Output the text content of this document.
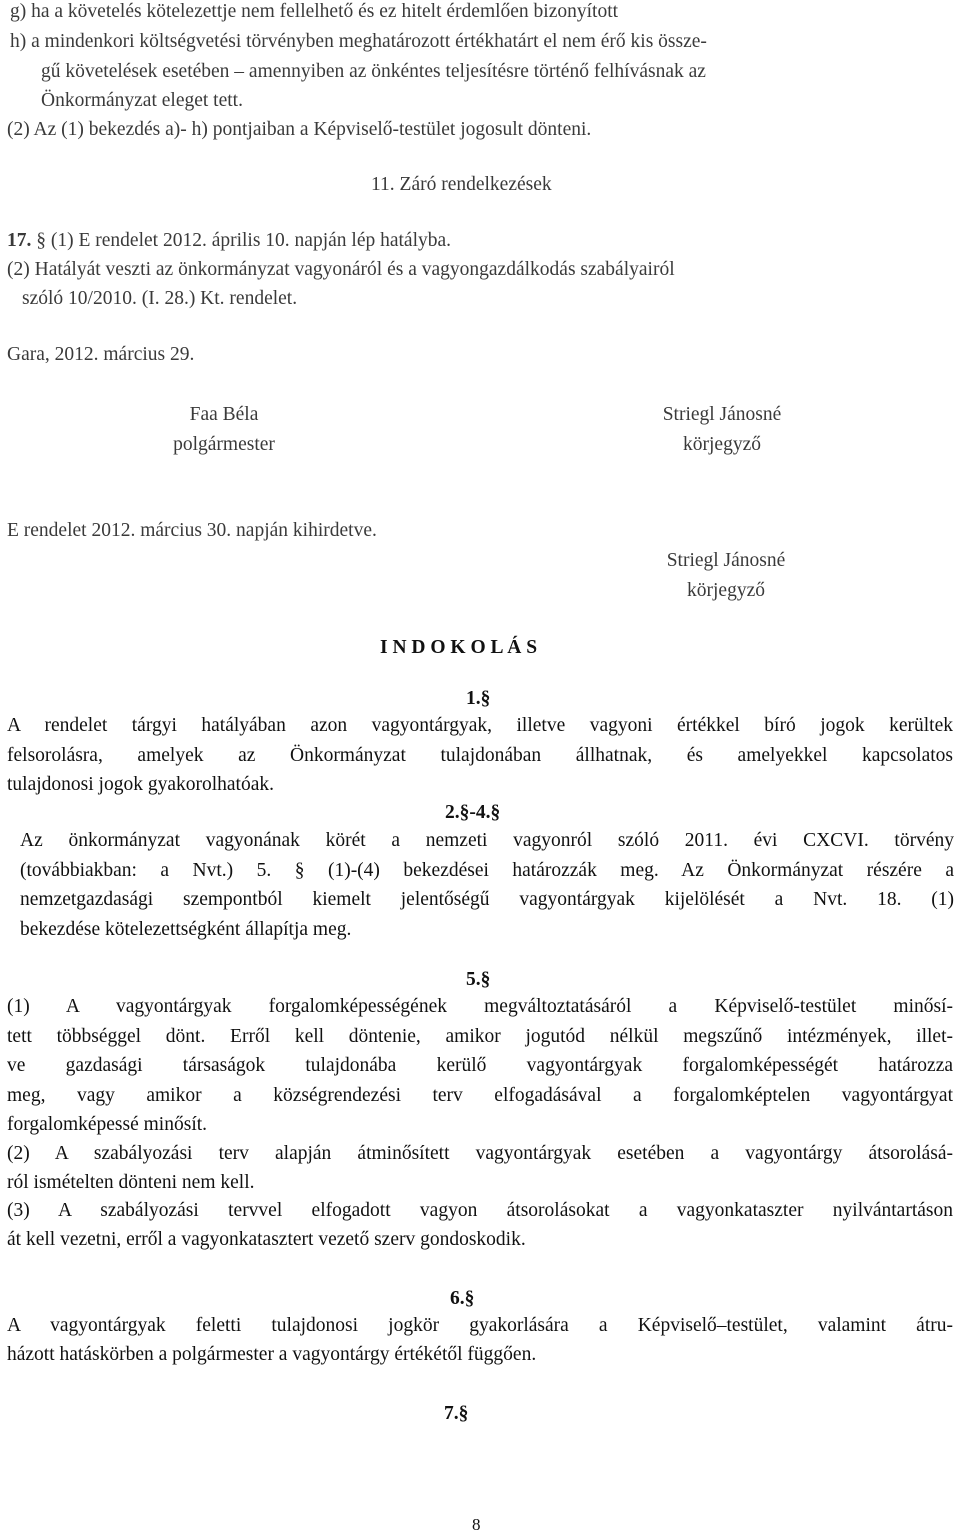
g) ha a követelés kötelezettje nem fellelhető és ez hitelt érdemlően bizonyított
h) a mindenkori költségvetési törvényben meghatározott értékhatárt el nem érő kis össze-
gű követelések esetében – amennyiben az önkéntes teljesítésre történő felhívásnak az
Önkormányzat eleget tett.
(2) Az (1) bekezdés a)- h) pontjaiban a Képviselő-testület jogosult dönteni.
11. Záró rendelkezések
17. § (1) E rendelet 2012. április 10. napján lép hatályba.
(2) Hatályát veszti az önkormányzat vagyonáról és a vagyongazdálkodás szabályairól
szóló 10/2010. (I. 28.) Kt. rendelet.
Gara, 2012. március 29.
Faa Béla
polgármester
Striegl Jánosné
körjegyző
E rendelet 2012. március 30. napján kihirdetve.
Striegl Jánosné
körjegyző
I N D O K O L Á S
1.§
A rendelet tárgyi hatályában azon vagyontárgyak, illetve vagyoni értékkel bíró jogok kerültek
felsorolásra, amelyek az Önkormányzat tulajdonában állhatnak, és amelyekkel kapcsolatos
tulajdonosi jogok gyakorolhatóak.
2.§-4.§
Az önkormányzat vagyonának körét a nemzeti vagyonról szóló 2011. évi CXCVI. törvény
(továbbiakban: a Nvt.) 5. § (1)-(4) bekezdései határozzák meg. Az Önkormányzat részére a
nemzetgazdasági szempontból kiemelt jelentőségű vagyontárgyak kijelölését a Nvt. 18. (1)
bekezdése kötelezettségként állapítja meg.
5.§
(1) A vagyontárgyak forgalomképességének megváltoztatásáról a Képviselő-testület minősí-
tett többséggel dönt. Erről kell döntenie, amikor jogutód nélkül megszűnő intézmények, illet-
ve gazdasági társaságok tulajdonába kerülő vagyontárgyak forgalomképességét határozza
meg, vagy amikor a községrendezési terv elfogadásával a forgalomképtelen vagyontárgyat
forgalomképessé minősít.
(2) A szabályozási terv alapján átminősített vagyontárgyak esetében a vagyontárgy átsorolásá-
ról ismételten dönteni nem kell.
(3) A szabályozási tervvel elfogadott vagyon átsorolásokat a vagyonkataszter nyilvántartáson
át kell vezetni, erről a vagyonkatasztert vezető szerv gondoskodik.
6.§
A vagyontárgyak feletti tulajdonosi jogkör gyakorlására a Képviselő–testület, valamint átru-
házott hatáskörben a polgármester a vagyontárgy értékétől függően.
7.§
8
